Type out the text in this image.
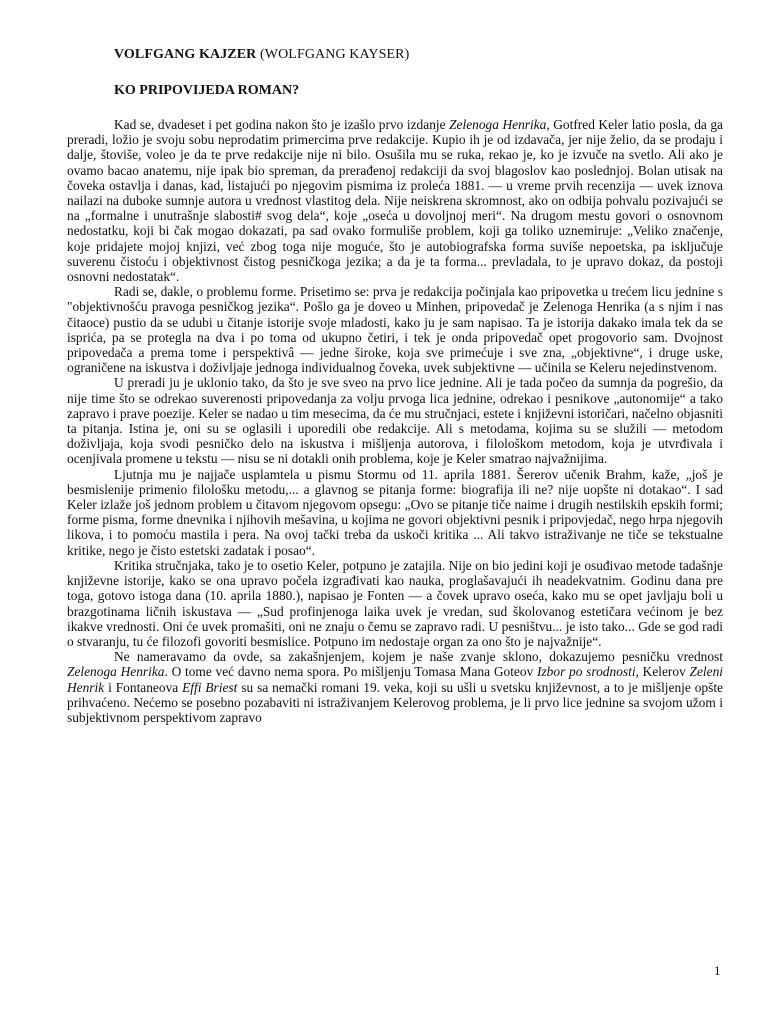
VOLFGANG KAJZER (WOLFGANG KAYSER)
KO PRIPOVIJEDA ROMAN?

Kad se, dvadeset i pet godina nakon što je izašlo prvo izdanje Zelenoga Henrika, Gotfred Keler latio posla, da ga preradi, ložio je svoju sobu neprodatim primercima prve redakcije. Kupio ih je od izdavača, jer nije želio, da se prodaju i dalje, štoviše, voleo je da te prve redakcije nije ni bilo. Osušila mu se ruka, rekao je, ko je izvuče na svetlo. Ali ako je ovamo bacao anatemu, nije ipak bio spreman, da prerađenoj redakciji da svoj blagoslov kao poslednjoj. Bolan utisak na čoveka ostavlja i danas, kad, listajući po njegovim pismima iz proleća 1881. — u vreme prvih recenzija — uvek iznova nailazi na duboke sumnje autora u vrednost vlastitog dela. Nije neiskrena skromnost, ako on odbija pohvalu pozivajući se na „formalne i unutrašnje slabosti# svog dela“, koje „oseća u dovoljnoj meri“. Na drugom mestu govori o osnovnom nedostatku, koji bi čak mogao dokazati, pa sad ovako formuliše problem, koji ga toliko uznemiruje: „Veliko značenje, koje pridajete mojoj knjizi, već zbog toga nije moguće, što je autobiografska forma suviše nepoetska, pa isključuje suverenu čistoću i objektivnost čistog pesničkoga jezika; a da je ta forma... prevladala, to je upravo dokaz, da postoji osnovni nedostatak“.

Radi se, dakle, o problemu forme. Prisetimo se: prva je redakcija počinjala kao pripovetka u trećem licu jednine s "objektivnošću pravoga pesničkog jezika“. Pošlo ga je doveo u Minhen, pripovedač je Zelenoga Henrika (a s njim i nas čitaoce) pustio da se udubi u čitanje istorije svoje mladosti, kako ju je sam napisao. Ta je istorija dakako imala tek da se isprića, pa se protegla na dva i po toma od ukupno četiri, i tek je onda pripovedač opet progovorio sam. Dvojnost pripovedača a prema tome i perspektivâ — jedne široke, koja sve primećuje i sve zna, „objektivne“, i druge uske, ograničene na iskustva i doživljaje jednoga individualnog čoveka, uvek subjektivne — učinila se Keleru nejedinstvenom.

U preradi ju je uklonio tako, da što je sve sveo na prvo lice jednine. Ali je tada počeo da sumnja da pogrešio, da nije time što se odrekao suverenosti pripovedanja za volju prvoga lica jednine, odrekao i pesnikove „autonomije“ a tako zapravo i prave poezije. Keler se nadao u tim mesecima, da će mu stručnjaci, estete i književni istoričari, načelno objasniti ta pitanja. Istina je, oni su se oglasili i uporedili obe redakcije. Ali s metodama, kojima su se služili — metodom doživljaja, koja svodi pesničko delo na iskustva i mišljenja autorova, i filološkom metodom, koja je utvrđivala i ocenjivala promene u tekstu — nisu se ni dotakli onih problema, koje je Keler smatrao najvažnijima.

Ljutnja mu je najjače usplamtela u pismu Stormu od 11. aprila 1881. Šererov učenik Brahm, kaže, „još je besmislenije primenio filološku metodu,... a glavnog se pitanja forme: biografija ili ne? nije uopšte ni dotakao“. I sad Keler izlaže još jednom problem u čitavom njegovom opsegu: „Ovo se pitanje tiče naime i drugih nestilskih epskih formi; forme pisma, forme dnevnika i njihovih mešavina, u kojima ne govori objektivni pesnik i pripovjedač, nego hrpa njegovih likova, i to pomoću mastila i pera. Na ovoj tački treba da uskoči kritika ... Ali takvo istraživanje ne tiče se tekstualne kritike, nego je čisto estetski zadatak i posao“.

Kritika stručnjaka, tako je to osetio Keler, potpuno je zatajila. Nije on bio jedini koji je osuđivao metode tadašnje književne istorije, kako se ona upravo počela izgrađivati kao nauka, proglašavajući ih neadekvatnim. Godinu dana pre toga, gotovo istoga dana (10. aprila 1880.), napisao je Fonten — a čovek upravo oseća, kako mu se opet javljaju boli u brazgotinama ličnih iskustava — „Sud profinjenoga laika uvek je vredan, sud školovanog estetičara većinom je bez ikakve vrednosti. Oni će uvek promašiti, oni ne znaju o čemu se zapravo radi. U pesništvu... je isto tako... Gde se god radi o stvaranju, tu će filozofi govoriti besmislice. Potpuno im nedostaje organ za ono što je najvažnije“.

Ne nameravamo da ovde, sa zakašnjenjem, kojem je naše zvanje sklono, dokazujemo pesničku vrednost Zelenoga Henrika. O tome već davno nema spora. Po mišljenju Tomasa Mana Goteov Izbor po srodnosti, Kelerov Zeleni Henrik i Fontaneova Effi Briest su sa nemački romani 19. veka, koji su ušli u svetsku književnost, a to je mišljenje opšte prihvaćeno. Nećemo se posebno pozabaviti ni istraživanjem Kelerovog problema, je li prvo lice jednine sa svojom užom i subjektivnom perspektivom zapravo

1
